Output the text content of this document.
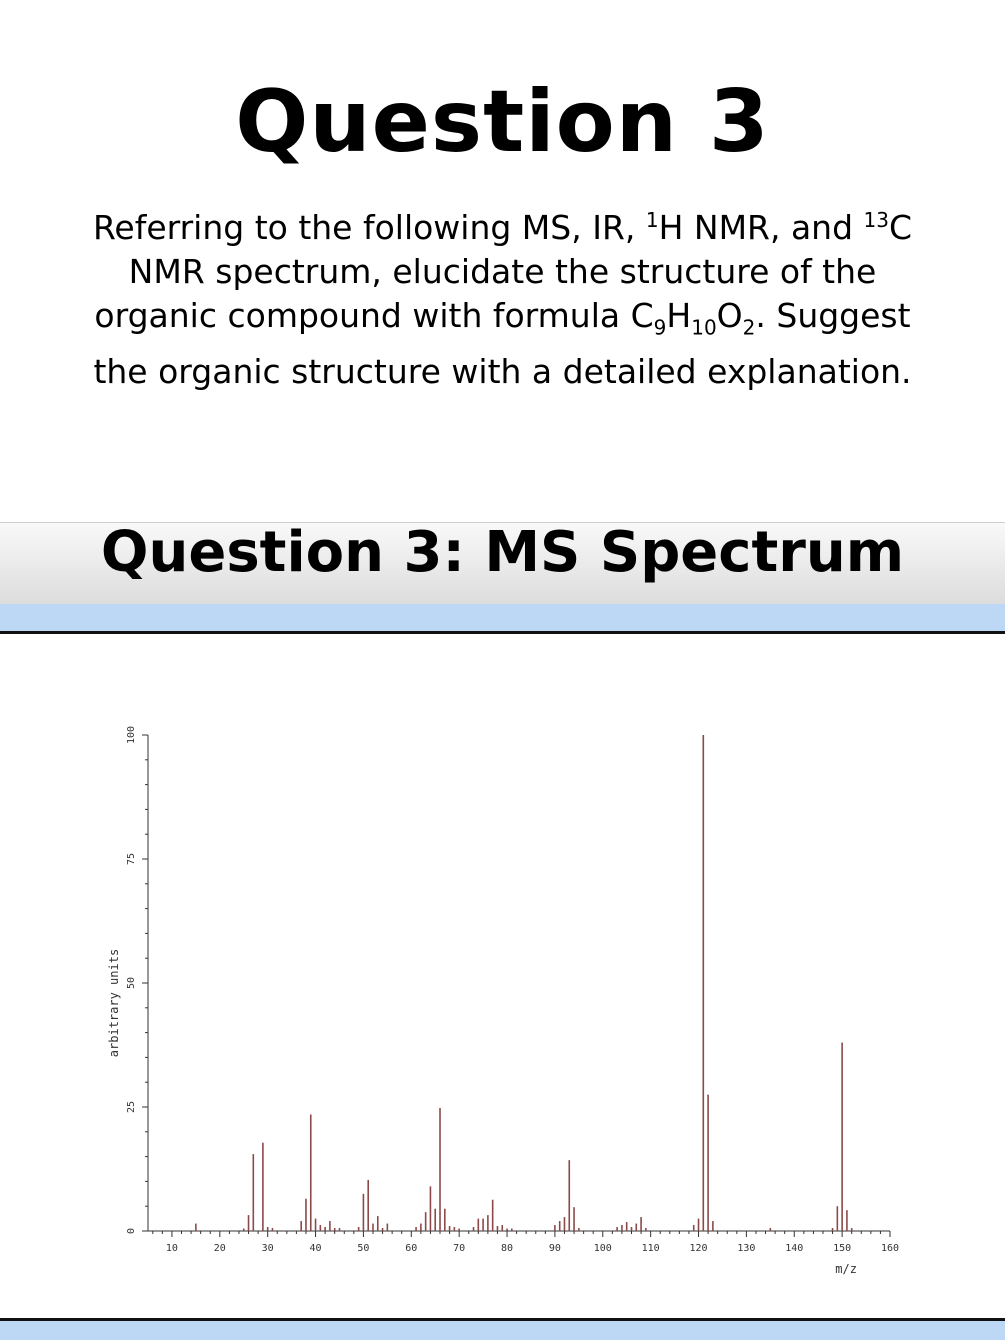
Question 3
Referring to the following MS, IR, $^1$H NMR, and $^{13}$C NMR spectrum, elucidate the structure of the organic compound with formula $C_9H_{10}O_2$. Suggest the organic structure with a detailed explanation.
Question 3: MS Spectrum
0
25
50
75
100
10	20	30	40	50	60	70	80	90	100	110	120	130	140	150	160
m/z
arbitrary units
